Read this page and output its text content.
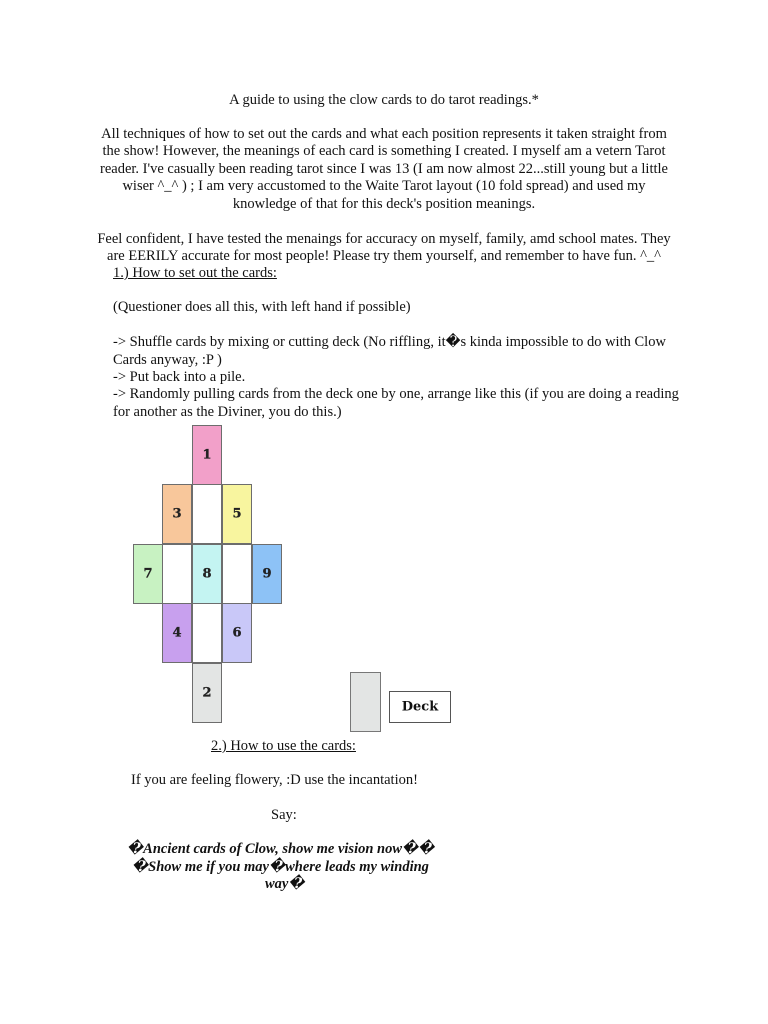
A guide to using the clow cards to do tarot readings.*
All techniques of how to set out the cards and what each position represents it taken straight from
the show! However, the meanings of each card is something I created. I myself am a vetern Tarot
reader. I've casually been reading tarot since I was 13 (I am now almost 22...still young but a little
wiser ^_^ ) ; I am very accustomed to the Waite Tarot layout (10 fold spread) and used my
knowledge of that for this deck's position meanings.
Feel confident, I have tested the menaings for accuracy on myself, family, amd school mates. They
are EERILY accurate for most people! Please try them yourself, and remember to have fun. ^_^
1.) How to set out the cards:
(Questioner does all this, with left hand if possible)
-> Shuffle cards by mixing or cutting deck (No riffling, it�s kinda impossible to do with Clow
Cards anyway, :P )
-> Put back into a pile.
-> Randomly pulling cards from the deck one by one, arrange like this (if you are doing a reading
for another as the Diviner, you do this.)
1
2
3
4
5
6
7	8	9
Deck
2.) How to use the cards:
If you are feeling flowery, :D use the incantation!
Say:
�Ancient cards of Clow, show me vision now��
�Show me if you may�where leads my winding
way�
